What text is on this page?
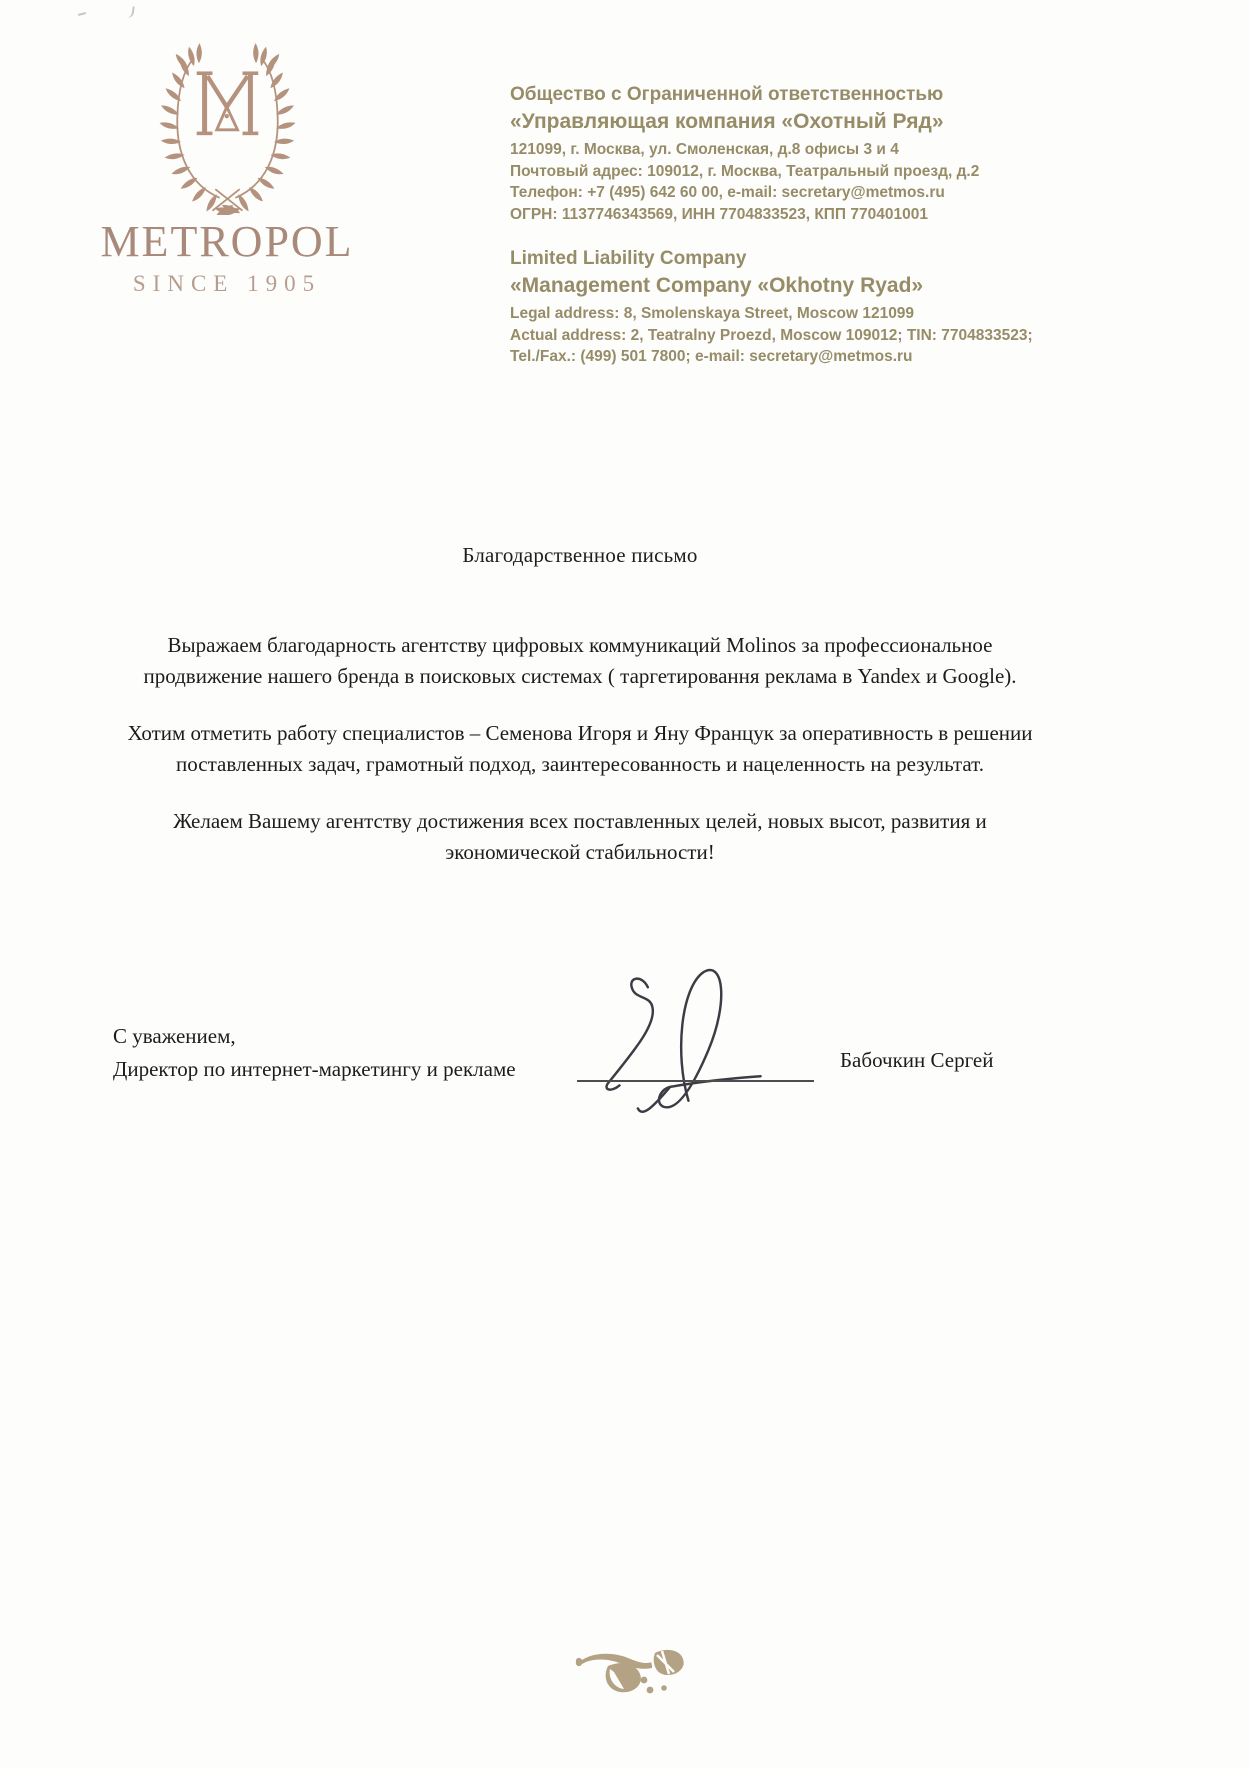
METROPOL
SINCE 1905
Общество с Ограниченной ответственностью
«Управляющая компания «Охотный Ряд»
121099, г. Москва, ул. Смоленская, д.8 офисы 3 и 4
Почтовый адрес: 109012, г. Москва, Театральный проезд, д.2
Телефон: +7 (495) 642 60 00, e-mail: secretary@metmos.ru
ОГРН: 1137746343569, ИНН 7704833523, КПП 770401001
Limited Liability Company
«Management Company «Okhotny Ryad»
Legal address: 8, Smolenskaya Street, Moscow 121099
Actual address: 2, Teatralny Proezd, Moscow 109012; TIN: 7704833523;
Tel./Fax.: (499) 501 7800; e-mail: secretary@metmos.ru
Благодарственное письмо

Выражаем благодарность агентству цифровых коммуникаций Molinos за профессиональное продвижение нашего бренда в поисковых системах ( таргетировання реклама в Yandex и Google).

Хотим отметить работу специалистов – Семенова Игоря и Яну Францук за оперативность в решении поставленных задач, грамотный подход, заинтересованность и нацеленность на результат.

Желаем Вашему агентству достижения всех поставленных целей, новых высот, развития и экономической стабильности!

С уважением,
Директор по интернет-маркетингу и рекламе	Бабочкин Сергей
